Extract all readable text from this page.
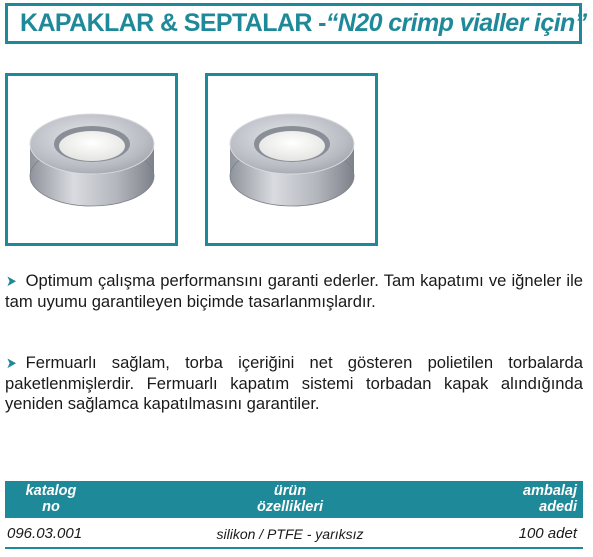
KAPAKLAR & SEPTALAR - “N20 crimp vialler için”
➤ Optimum çalışma performansını garanti ederler. Tam kapatımı ve iğneler ile tam uyumu garantileyen biçimde tasarlanmışlardır.
➤ Fermuarlı sağlam, torba içeriğini net gösteren polietilen torbalarda paketlenmişlerdir. Fermuarlı kapatım sistemi torbadan kapak alındığında yeniden sağlamca kapatılmasını garantiler.
katalog
no
ürün
özellikleri
ambalaj
adedi
096.03.001	silikon / PTFE - yarıksız	100 adet
